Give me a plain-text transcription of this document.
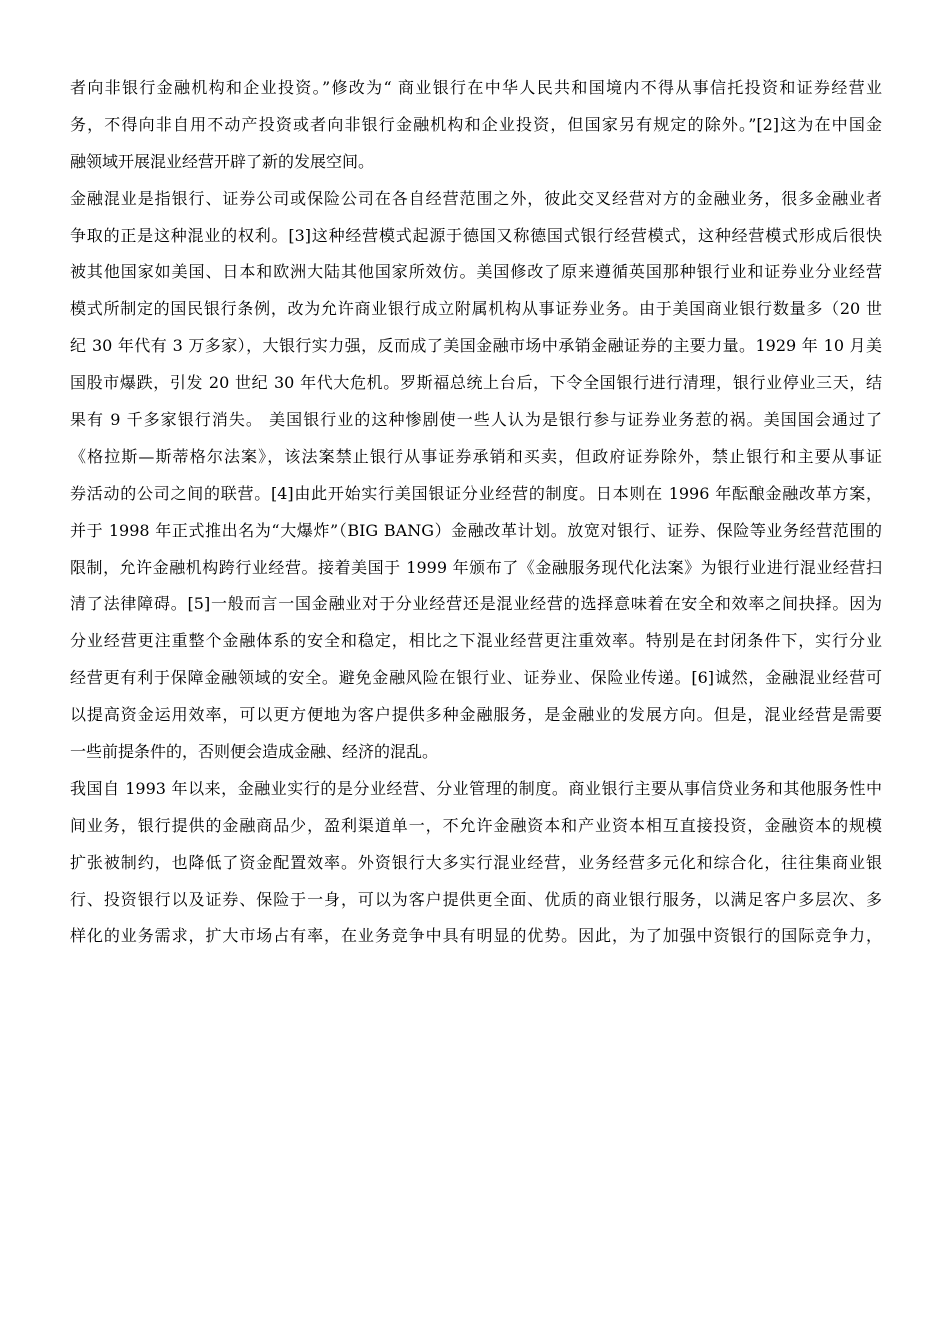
者向非银行金融机构和企业投资。”修改为“ 商业银行在中华人民共和国境内不得从事信托投资和证券经营业
务，不得向非自用不动产投资或者向非银行金融机构和企业投资，但国家另有规定的除外。”[2]这为在中国金
融领域开展混业经营开辟了新的发展空间。
金融混业是指银行、证券公司或保险公司在各自经营范围之外，彼此交叉经营对方的金融业务，很多金融业者
争取的正是这种混业的权利。[3]这种经营模式起源于德国又称德国式银行经营模式，这种经营模式形成后很快
被其他国家如美国、日本和欧洲大陆其他国家所效仿。美国修改了原来遵循英国那种银行业和证券业分业经营
模式所制定的国民银行条例，改为允许商业银行成立附属机构从事证券业务。由于美国商业银行数量多（20 世
纪 30 年代有 3 万多家），大银行实力强，反而成了美国金融市场中承销金融证券的主要力量。1929 年 10 月美
国股市爆跌，引发 20 世纪 30 年代大危机。罗斯福总统上台后，下令全国银行进行清理，银行业停业三天，结
果有 9 千多家银行消失。 美国银行业的这种惨剧使一些人认为是银行参与证券业务惹的祸。美国国会通过了
《格拉斯—斯蒂格尔法案》，该法案禁止银行从事证券承销和买卖，但政府证券除外，禁止银行和主要从事证
券活动的公司之间的联营。[4]由此开始实行美国银证分业经营的制度。日本则在 1996 年酝酿金融改革方案，
并于 1998 年正式推出名为“大爆炸”（BIG BANG）金融改革计划。放宽对银行、证券、保险等业务经营范围的
限制，允许金融机构跨行业经营。接着美国于 1999 年颁布了《金融服务现代化法案》为银行业进行混业经营扫
清了法律障碍。[5]一般而言一国金融业对于分业经营还是混业经营的选择意味着在安全和效率之间抉择。因为
分业经营更注重整个金融体系的安全和稳定，相比之下混业经营更注重效率。特别是在封闭条件下，实行分业
经营更有利于保障金融领域的安全。避免金融风险在银行业、证券业、保险业传递。[6]诚然，金融混业经营可
以提高资金运用效率，可以更方便地为客户提供多种金融服务，是金融业的发展方向。但是，混业经营是需要
一些前提条件的，否则便会造成金融、经济的混乱。
我国自 1993 年以来，金融业实行的是分业经营、分业管理的制度。商业银行主要从事信贷业务和其他服务性中
间业务，银行提供的金融商品少，盈利渠道单一，不允许金融资本和产业资本相互直接投资，金融资本的规模
扩张被制约，也降低了资金配置效率。外资银行大多实行混业经营，业务经营多元化和综合化，往往集商业银
行、投资银行以及证券、保险于一身，可以为客户提供更全面、优质的商业银行服务，以满足客户多层次、多
样化的业务需求，扩大市场占有率，在业务竞争中具有明显的优势。因此，为了加强中资银行的国际竞争力，
